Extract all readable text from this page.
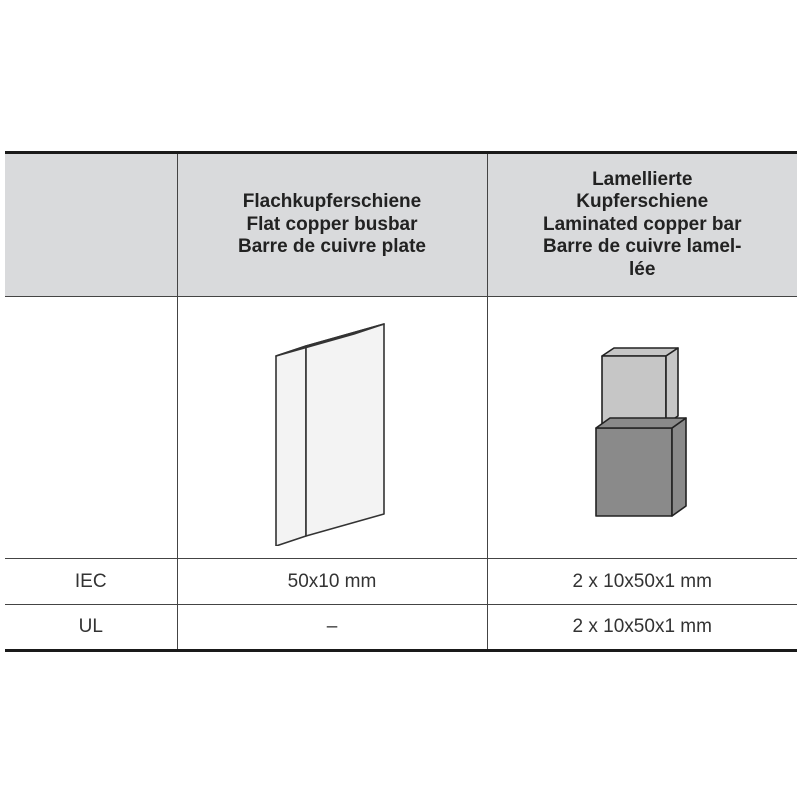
	Flachkupferschiene
Flat copper busbar
Barre de cuivre plate	Lamellierte
Kupferschiene
Laminated copper bar
Barre de cuivre lamel-
lée

IEC	50x10 mm	2 x 10x50x1 mm
UL	–	2 x 10x50x1 mm
